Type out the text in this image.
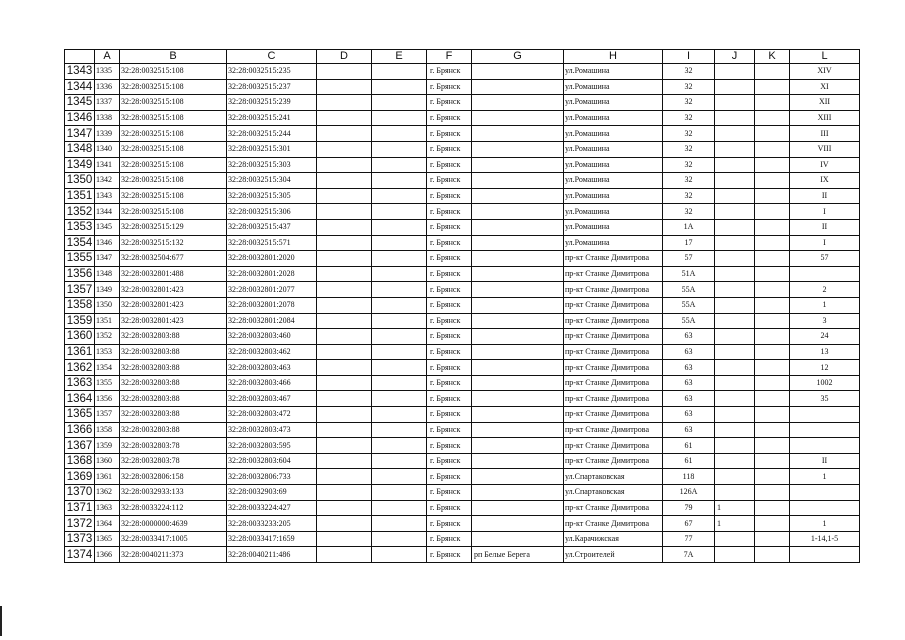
	A	B	C	D	E	F	G	H	I	J	K	L
1343	1335	32:28:0032515:108	32:28:0032515:235			г. Брянск		ул.Ромашина	32			XIV
1344	1336	32:28:0032515:108	32:28:0032515:237			г. Брянск		ул.Ромашина	32			XI
1345	1337	32:28:0032515:108	32:28:0032515:239			г. Брянск		ул.Ромашина	32			XII
1346	1338	32:28:0032515:108	32:28:0032515:241			г. Брянск		ул.Ромашина	32			XIII
1347	1339	32:28:0032515:108	32:28:0032515:244			г. Брянск		ул.Ромашина	32			III
1348	1340	32:28:0032515:108	32:28:0032515:301			г. Брянск		ул.Ромашина	32			VIII
1349	1341	32:28:0032515:108	32:28:0032515:303			г. Брянск		ул.Ромашина	32			IV
1350	1342	32:28:0032515:108	32:28:0032515:304			г. Брянск		ул.Ромашина	32			IX
1351	1343	32:28:0032515:108	32:28:0032515:305			г. Брянск		ул.Ромашина	32			II
1352	1344	32:28:0032515:108	32:28:0032515:306			г. Брянск		ул.Ромашина	32			I
1353	1345	32:28:0032515:129	32:28:0032515:437			г. Брянск		ул.Ромашина	1А			II
1354	1346	32:28:0032515:132	32:28:0032515:571			г. Брянск		ул.Ромашина	17			I
1355	1347	32:28:0032504:677	32:28:0032801:2020			г. Брянск		пр-кт Станке Димитрова	57			57
1356	1348	32:28:0032801:488	32:28:0032801:2028			г. Брянск		пр-кт Станке Димитрова	51А			
1357	1349	32:28:0032801:423	32:28:0032801:2077			г. Брянск		пр-кт Станке Димитрова	55А			2
1358	1350	32:28:0032801:423	32:28:0032801:2078			г. Брянск		пр-кт Станке Димитрова	55А			1
1359	1351	32:28:0032801:423	32:28:0032801:2084			г. Брянск		пр-кт Станке Димитрова	55А			3
1360	1352	32:28:0032803:88	32:28:0032803:460			г. Брянск		пр-кт Станке Димитрова	63			24
1361	1353	32:28:0032803:88	32:28:0032803:462			г. Брянск		пр-кт Станке Димитрова	63			13
1362	1354	32:28:0032803:88	32:28:0032803:463			г. Брянск		пр-кт Станке Димитрова	63			12
1363	1355	32:28:0032803:88	32:28:0032803:466			г. Брянск		пр-кт Станке Димитрова	63			1002
1364	1356	32:28:0032803:88	32:28:0032803:467			г. Брянск		пр-кт Станке Димитрова	63			35
1365	1357	32:28:0032803:88	32:28:0032803:472			г. Брянск		пр-кт Станке Димитрова	63			
1366	1358	32:28:0032803:88	32:28:0032803:473			г. Брянск		пр-кт Станке Димитрова	63			
1367	1359	32:28:0032803:78	32:28:0032803:595			г. Брянск		пр-кт Станке Димитрова	61			
1368	1360	32:28:0032803:78	32:28:0032803:604			г. Брянск		пр-кт Станке Димитрова	61			II
1369	1361	32:28:0032806:158	32:28:0032806:733			г. Брянск		ул.Спартаковская	118			1
1370	1362	32:28:0032933:133	32:28:0032903:69			г. Брянск		ул.Спартаковская	126А			
1371	1363	32:28:0033224:112	32:28:0033224:427			г. Брянск		пр-кт Станке Димитрова	79	1		
1372	1364	32:28:0000000:4639	32:28:0033233:205			г. Брянск		пр-кт Станке Димитрова	67	1		1
1373	1365	32:28:0033417:1005	32:28:0033417:1659			г. Брянск		ул.Карачижская	77			1-14,1-5
1374	1366	32:28:0040211:373	32:28:0040211:486			г. Брянск	рп Белые Берега	ул.Строителей	7А			
